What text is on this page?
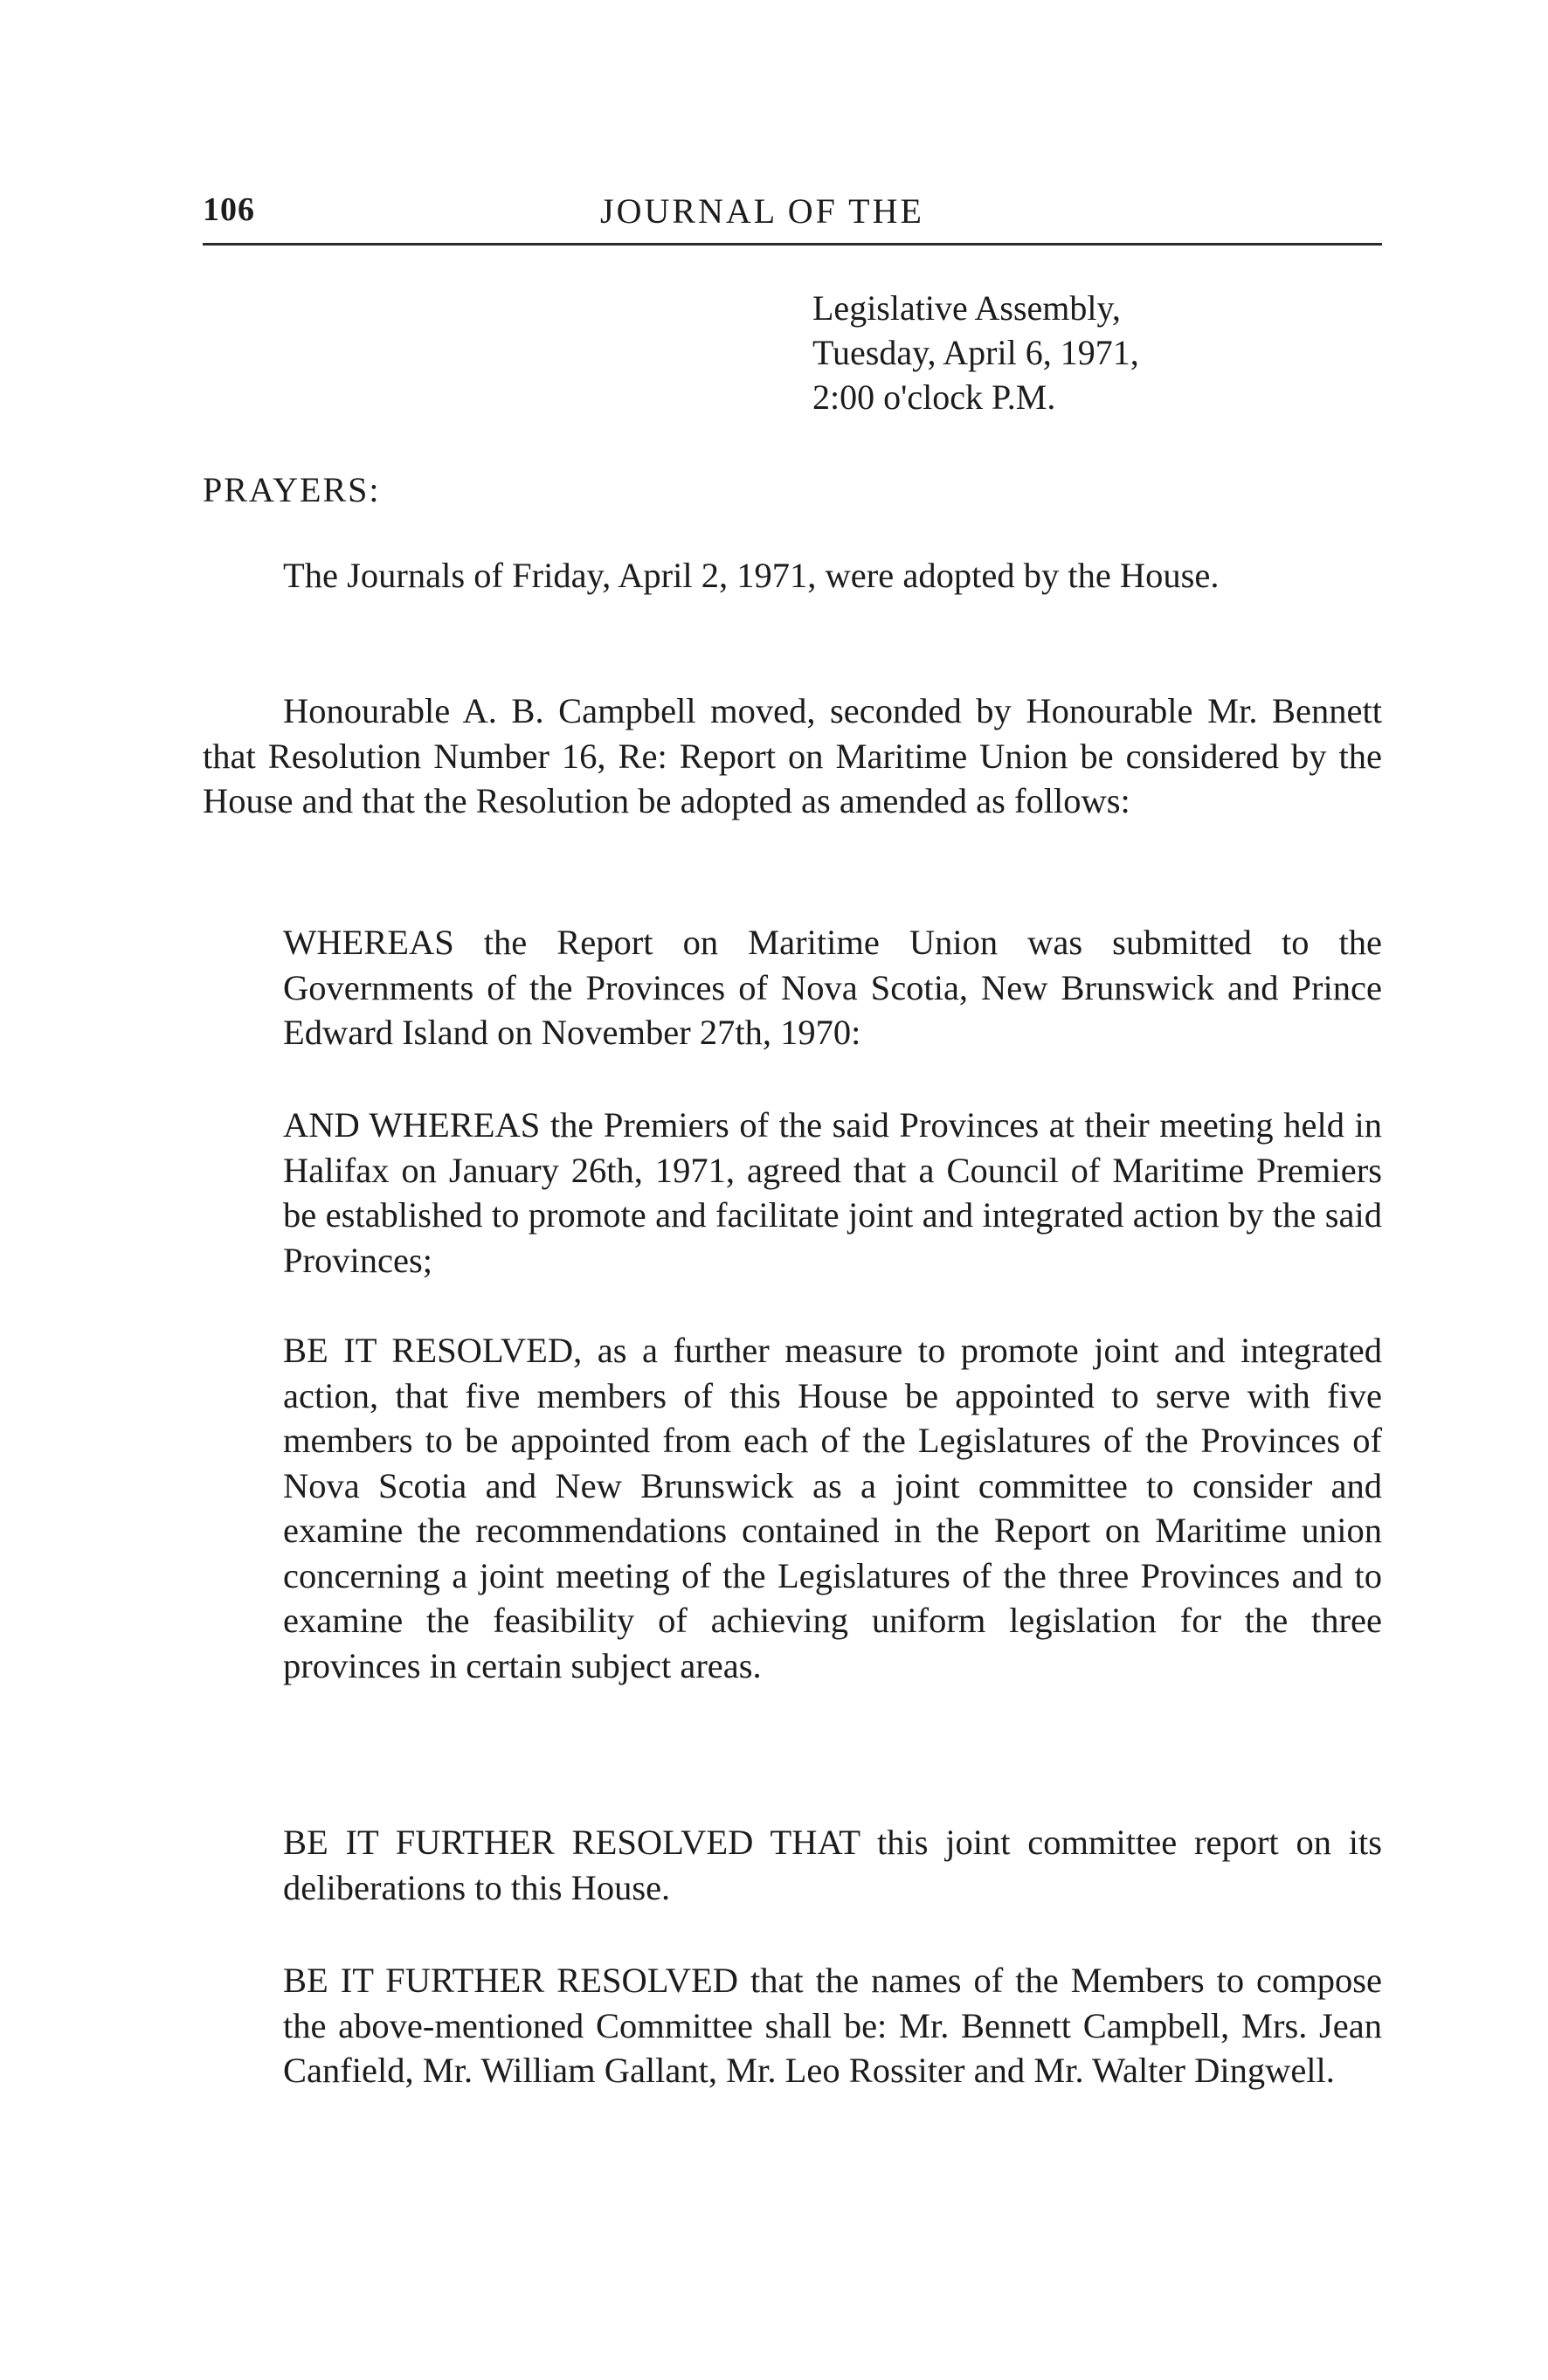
106	JOURNAL OF THE
Legislative Assembly,
Tuesday, April 6, 1971,
2:00 o'clock P.M.
PRAYERS:
The Journals of Friday, April 2, 1971, were adopted by the House.
Honourable A. B. Campbell moved, seconded by Honourable Mr. Bennett that Resolution Number 16, Re: Report on Maritime Union be considered by the House and that the Resolution be adopted as amended as follows:
WHEREAS the Report on Maritime Union was submitted to the Governments of the Provinces of Nova Scotia, New Brunswick and Prince Edward Island on November 27th, 1970:
AND WHEREAS the Premiers of the said Provinces at their meeting held in Halifax on January 26th, 1971, agreed that a Council of Maritime Premiers be established to promote and facilitate joint and integrated action by the said Provinces;
BE IT RESOLVED, as a further measure to promote joint and integrated action, that five members of this House be appointed to serve with five members to be appointed from each of the Legislatures of the Provinces of Nova Scotia and New Brunswick as a joint committee to consider and examine the recommendations contained in the Report on Maritime union concerning a joint meeting of the Legislatures of the three Provinces and to examine the feasibility of achieving uniform legislation for the three provinces in certain subject areas.
BE IT FURTHER RESOLVED THAT this joint committee report on its deliberations to this House.
BE IT FURTHER RESOLVED that the names of the Members to compose the above-mentioned Committee shall be: Mr. Bennett Campbell, Mrs. Jean Canfield, Mr. William Gallant, Mr. Leo Rossiter and Mr. Walter Dingwell.
